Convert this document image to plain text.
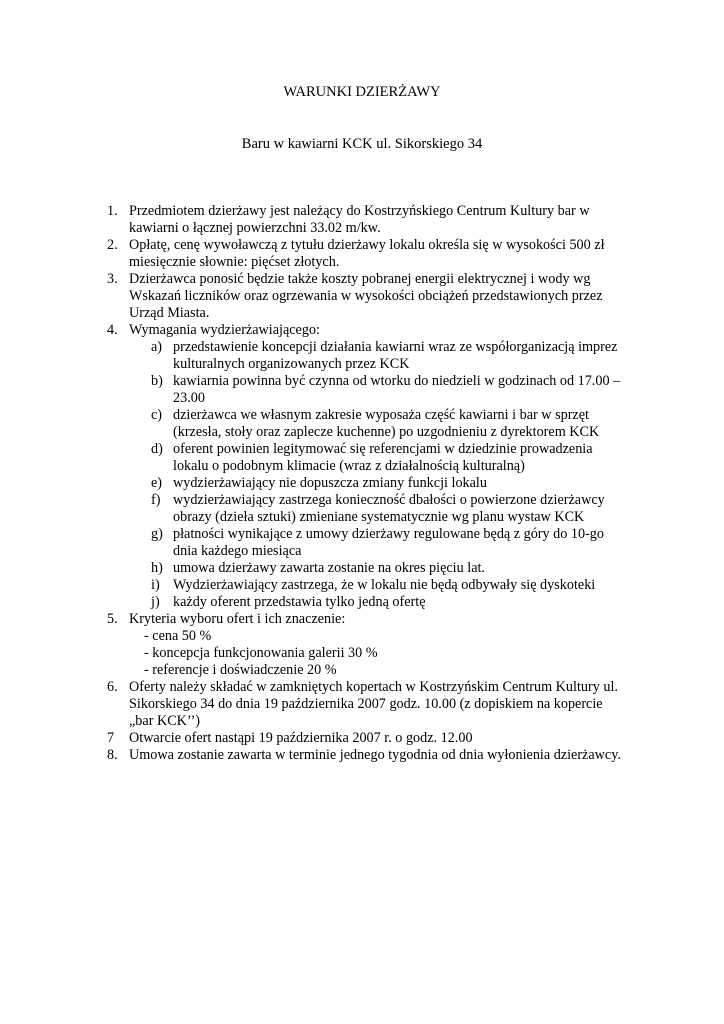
WARUNKI DZIERŻAWY

Baru w kawiarni KCK ul. Sikorskiego 34

1. Przedmiotem dzierżawy jest należący do Kostrzyńskiego Centrum Kultury bar w
kawiarni o łącznej powierzchni 33.02 m/kw.
2. Opłatę, cenę wywoławczą z tytułu dzierżawy lokalu określa się w wysokości 500 zł
miesięcznie słownie: pięćset złotych.
3. Dzierżawca ponosić będzie także koszty pobranej energii elektrycznej i wody wg
Wskazań liczników oraz ogrzewania w wysokości obciążeń przedstawionych przez
Urząd Miasta.
4. Wymagania wydzierżawiającego:
a) przedstawienie koncepcji działania kawiarni wraz ze współorganizacją imprez
kulturalnych organizowanych przez KCK
b) kawiarnia powinna być czynna od wtorku do niedzieli w godzinach od 17.00 –
23.00
c) dzierżawca we własnym zakresie wyposaża część kawiarni i bar w sprzęt
(krzesła, stoły oraz zaplecze kuchenne) po uzgodnieniu z dyrektorem KCK
d) oferent powinien legitymować się referencjami w dziedzinie prowadzenia
lokalu o podobnym klimacie (wraz z działalnością kulturalną)
e) wydzierżawiający nie dopuszcza zmiany funkcji lokalu
f) wydzierżawiający zastrzega konieczność dbałości o powierzone dzierżawcy
obrazy (dzieła sztuki) zmieniane systematycznie wg planu wystaw KCK
g) płatności wynikające z umowy dzierżawy regulowane będą z góry do 10-go
dnia każdego miesiąca
h) umowa dzierżawy zawarta zostanie na okres pięciu lat.
i) Wydzierżawiający zastrzega, że w lokalu nie będą odbywały się dyskoteki
j) każdy oferent przedstawia tylko jedną ofertę
5. Kryteria wyboru ofert i ich znaczenie:
- cena 50 %
- koncepcja funkcjonowania galerii 30 %
- referencje i doświadczenie 20 %
6. Oferty należy składać w zamkniętych kopertach w Kostrzyńskim Centrum Kultury ul.
Sikorskiego 34 do dnia 19 października 2007 godz. 10.00 (z dopiskiem na kopercie
„bar KCK’’)
7 Otwarcie ofert nastąpi 19 października 2007 r. o godz. 12.00
8. Umowa zostanie zawarta w terminie jednego tygodnia od dnia wyłonienia dzierżawcy.
